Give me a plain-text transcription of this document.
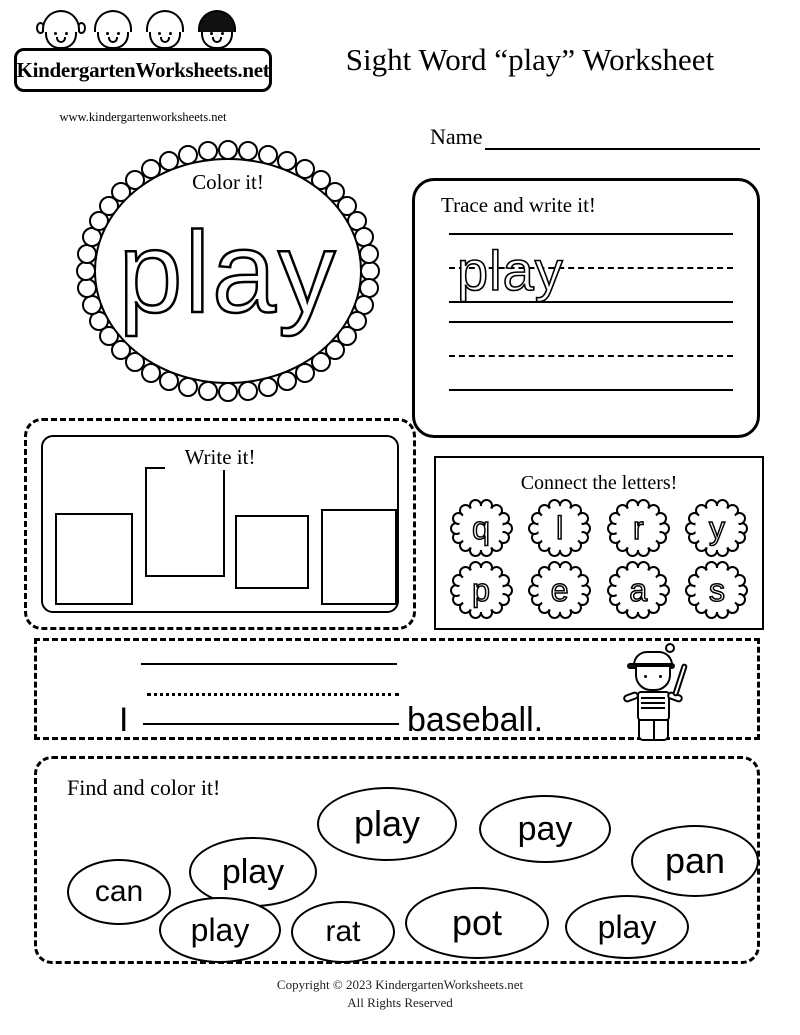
KindergartenWorksheets.net
www.kindergartenworksheets.net
Sight Word “play” Worksheet
Name
Color it!
play
Trace and write it!
play
Write it!
Connect the letters!
q	l	r	y
p	e	a	s
I	baseball.
Find and color it!
can
play
play	pay
pan
play	rat	pot	play
Copyright © 2023 KindergartenWorksheets.net
All Rights Reserved
